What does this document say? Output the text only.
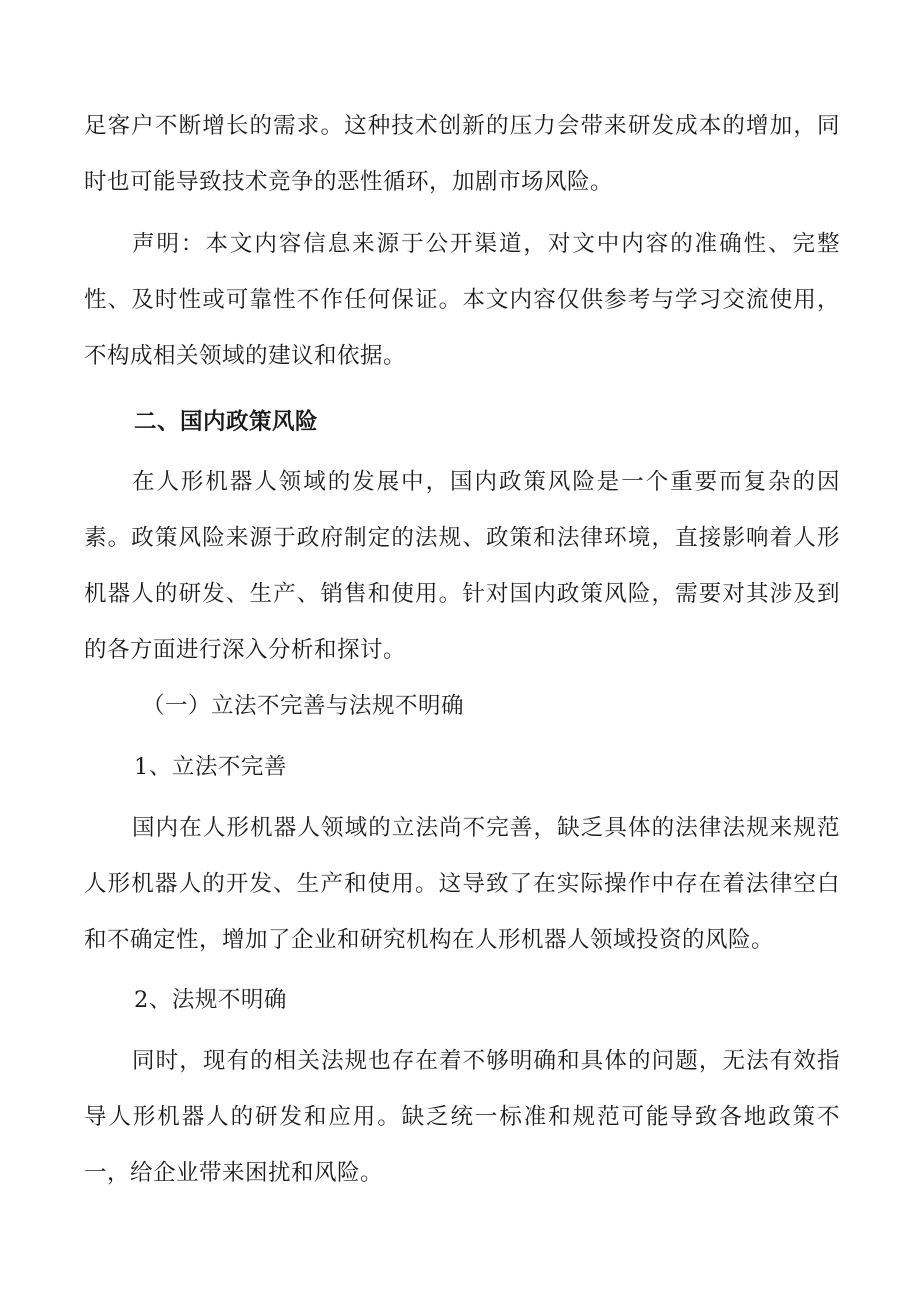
足客户不断增长的需求。这种技术创新的压力会带来研发成本的增加，同时也可能导致技术竞争的恶性循环，加剧市场风险。

声明：本文内容信息来源于公开渠道，对文中内容的准确性、完整性、及时性或可靠性不作任何保证。本文内容仅供参考与学习交流使用，不构成相关领域的建议和依据。

二、国内政策风险

在人形机器人领域的发展中，国内政策风险是一个重要而复杂的因素。政策风险来源于政府制定的法规、政策和法律环境，直接影响着人形机器人的研发、生产、销售和使用。针对国内政策风险，需要对其涉及到的各方面进行深入分析和探讨。

（一）立法不完善与法规不明确

1、立法不完善

国内在人形机器人领域的立法尚不完善，缺乏具体的法律法规来规范人形机器人的开发、生产和使用。这导致了在实际操作中存在着法律空白和不确定性，增加了企业和研究机构在人形机器人领域投资的风险。

2、法规不明确

同时，现有的相关法规也存在着不够明确和具体的问题，无法有效指导人形机器人的研发和应用。缺乏统一标准和规范可能导致各地政策不一，给企业带来困扰和风险。
